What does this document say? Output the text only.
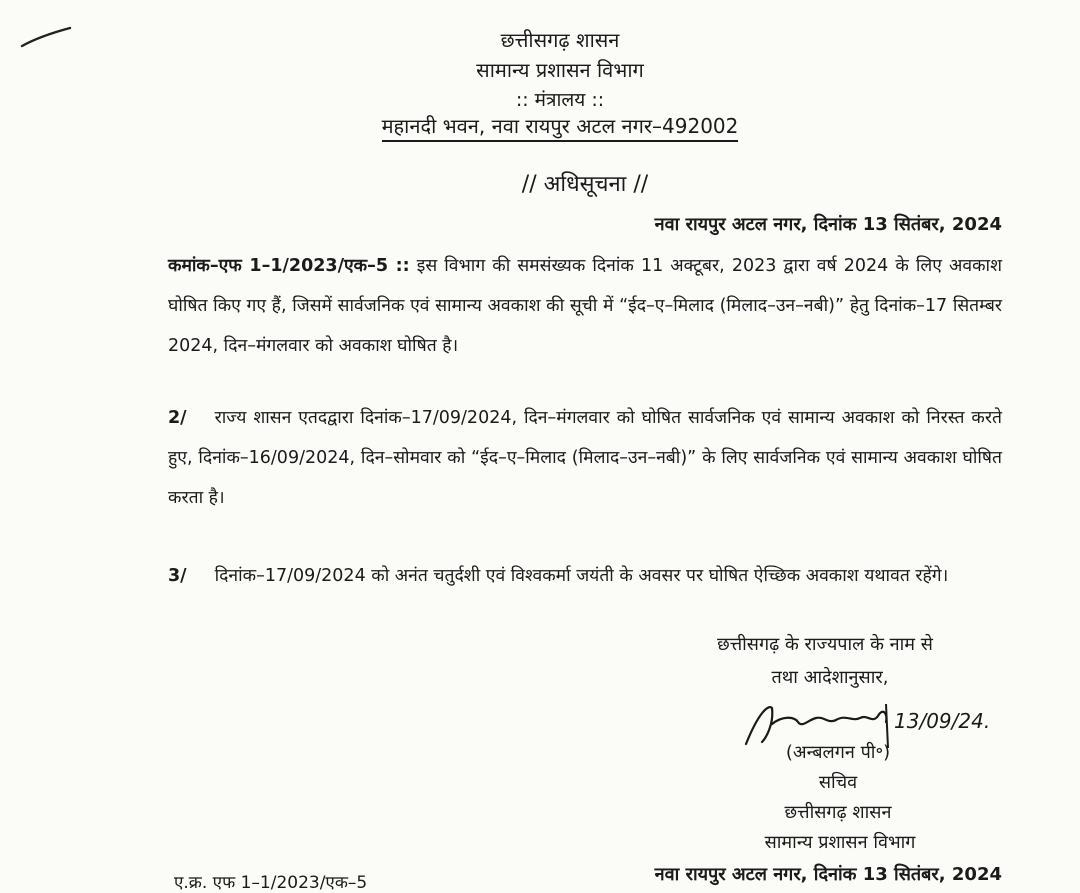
छत्तीसगढ़ शासन
सामान्य प्रशासन विभाग
:: मंत्रालय ::
महानदी भवन, नवा रायपुर अटल नगर–492002
// अधिसूचना //
नवा रायपुर अटल नगर, दिनांक 13 सितंबर, 2024
कमांक–एफ 1–1/2023/एक–5 :: इस विभाग की समसंख्यक दिनांक 11 अक्टूबर, 2023 द्वारा वर्ष 2024 के लिए अवकाश घोषित किए गए हैं, जिसमें सार्वजनिक एवं सामान्य अवकाश की सूची में “ईद–ए–मिलाद (मिलाद–उन–नबी)” हेतु दिनांक–17 सितम्बर 2024, दिन–मंगलवार को अवकाश घोषित है।
2/ राज्य शासन एतदद्वारा दिनांक–17/09/2024, दिन–मंगलवार को घोषित सार्वजनिक एवं सामान्य अवकाश को निरस्त करते हुए, दिनांक–16/09/2024, दिन–सोमवार को “ईद–ए–मिलाद (मिलाद–उन–नबी)” के लिए सार्वजनिक एवं सामान्य अवकाश घोषित करता है।
3/ दिनांक–17/09/2024 को अनंत चतुर्दशी एवं विश्वकर्मा जयंती के अवसर पर घोषित ऐच्छिक अवकाश यथावत रहेंगे।
छत्तीसगढ़ के राज्यपाल के नाम से
तथा आदेशानुसार,
13/09/24.
(अन्बलगन पी॰)
सचिव
छत्तीसगढ़ शासन
सामान्य प्रशासन विभाग
ए.क्र. एफ 1–1/2023/एक–5	नवा रायपुर अटल नगर, दिनांक 13 सितंबर, 2024
